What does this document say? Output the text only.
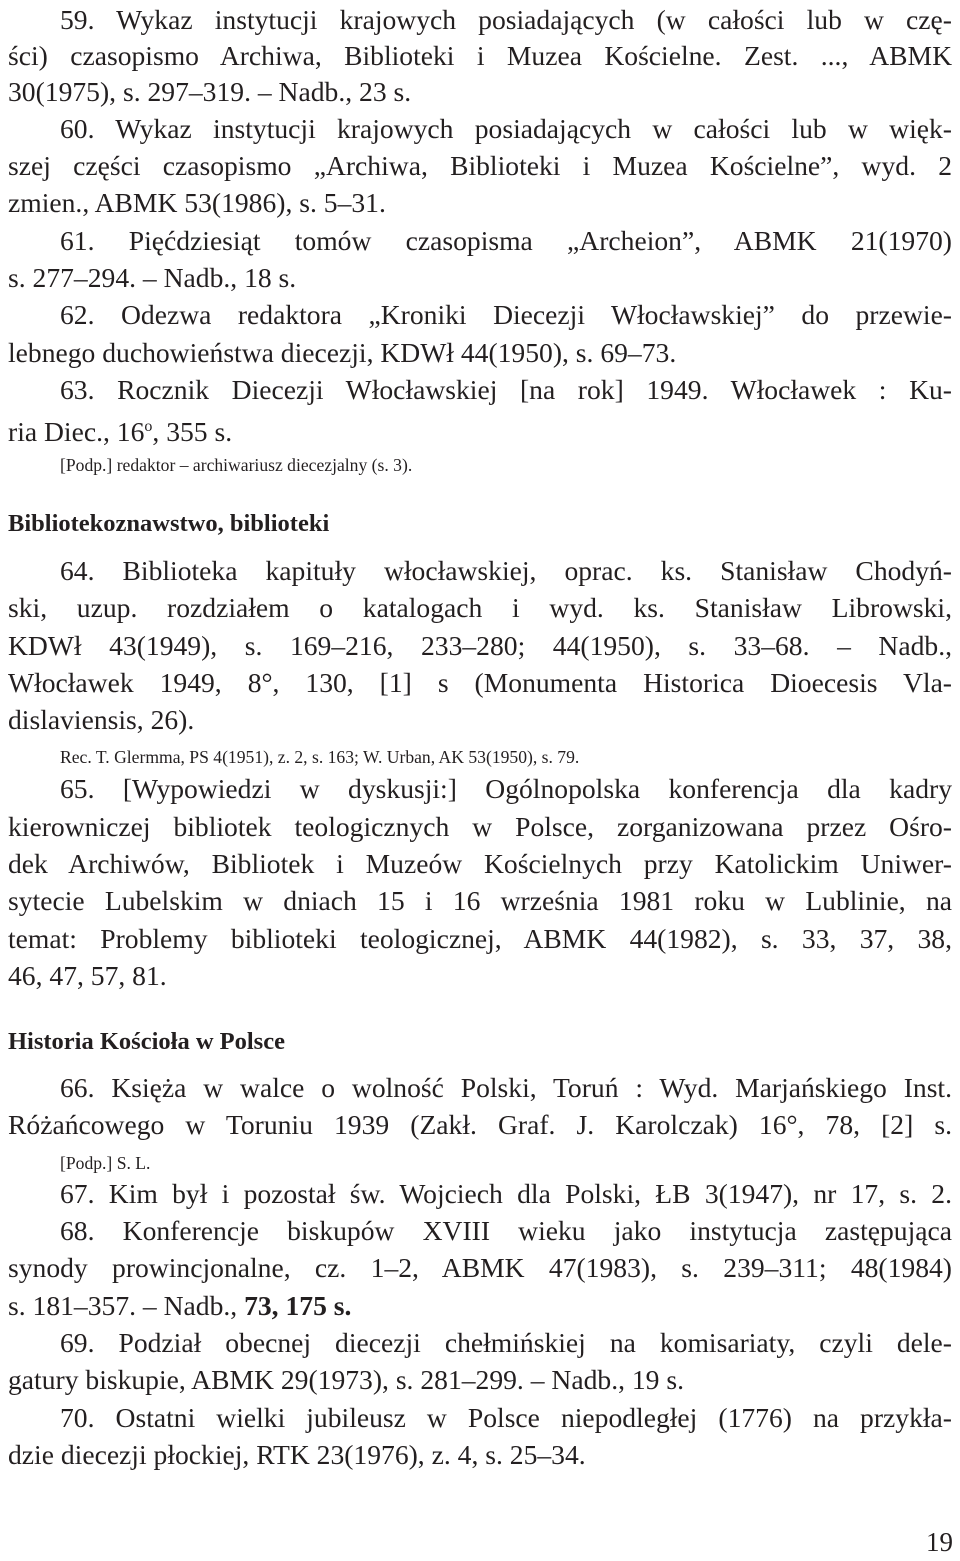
59. Wykaz instytucji krajowych posiadających (w całości lub w czę-
ści) czasopismo Archiwa, Biblioteki i Muzea Kościelne. Zest. ..., ABMK
30(1975), s. 297–319. – Nadb., 23 s.
60. Wykaz instytucji krajowych posiadających w całości lub w więk-
szej części czasopismo „Archiwa, Biblioteki i Muzea Kościelne”, wyd. 2
zmien., ABMK 53(1986), s. 5–31.
61. Pięćdziesiąt tomów czasopisma „Archeion”, ABMK 21(1970)
s. 277–294. – Nadb., 18 s.
62. Odezwa redaktora „Kroniki Diecezji Włocławskiej” do przewie-
lebnego duchowieństwa diecezji, KDWł 44(1950), s. 69–73.
63. Rocznik Diecezji Włocławskiej [na rok] 1949. Włocławek : Ku-
ria Diec., 16$^o$, 355 s.
[Podp.] redaktor – archiwariusz diecezjalny (s. 3).
Bibliotekoznawstwo, biblioteki
64. Biblioteka kapituły włocławskiej, oprac. ks. Stanisław Chodyń-
ski, uzup. rozdziałem o katalogach i wyd. ks. Stanisław Librowski,
KDWł 43(1949), s. 169–216, 233–280; 44(1950), s. 33–68. – Nadb.,
Włocławek 1949, 8°, 130, [1] s (Monumenta Historica Dioecesis Vla-
dislaviensis, 26).
Rec. T. Glermma, PS 4(1951), z. 2, s. 163; W. Urban, AK 53(1950), s. 79.
65. [Wypowiedzi w dyskusji:] Ogólnopolska konferencja dla kadry
kierowniczej bibliotek teologicznych w Polsce, zorganizowana przez Ośro-
dek Archiwów, Bibliotek i Muzeów Kościelnych przy Katolickim Uniwer-
sytecie Lubelskim w dniach 15 i 16 września 1981 roku w Lublinie, na
temat: Problemy biblioteki teologicznej, ABMK 44(1982), s. 33, 37, 38,
46, 47, 57, 81.
Historia Kościoła w Polsce
66. Księża w walce o wolność Polski, Toruń : Wyd. Marjańskiego Inst.
Różańcowego w Toruniu 1939 (Zakł. Graf. J. Karolczak) 16°, 78, [2] s.
[Podp.] S. L.
67. Kim był i pozostał św. Wojciech dla Polski, ŁB 3(1947), nr 17, s. 2.
68. Konferencje biskupów XVIII wieku jako instytucja zastępująca
synody prowincjonalne, cz. 1–2, ABMK 47(1983), s. 239–311; 48(1984)
s. 181–357. – Nadb., 73, 175 s.
69. Podział obecnej diecezji chełmińskiej na komisariaty, czyli dele-
gatury biskupie, ABMK 29(1973), s. 281–299. – Nadb., 19 s.
70. Ostatni wielki jubileusz w Polsce niepodległej (1776) na przykła-
dzie diecezji płockiej, RTK 23(1976), z. 4, s. 25–34.
19
